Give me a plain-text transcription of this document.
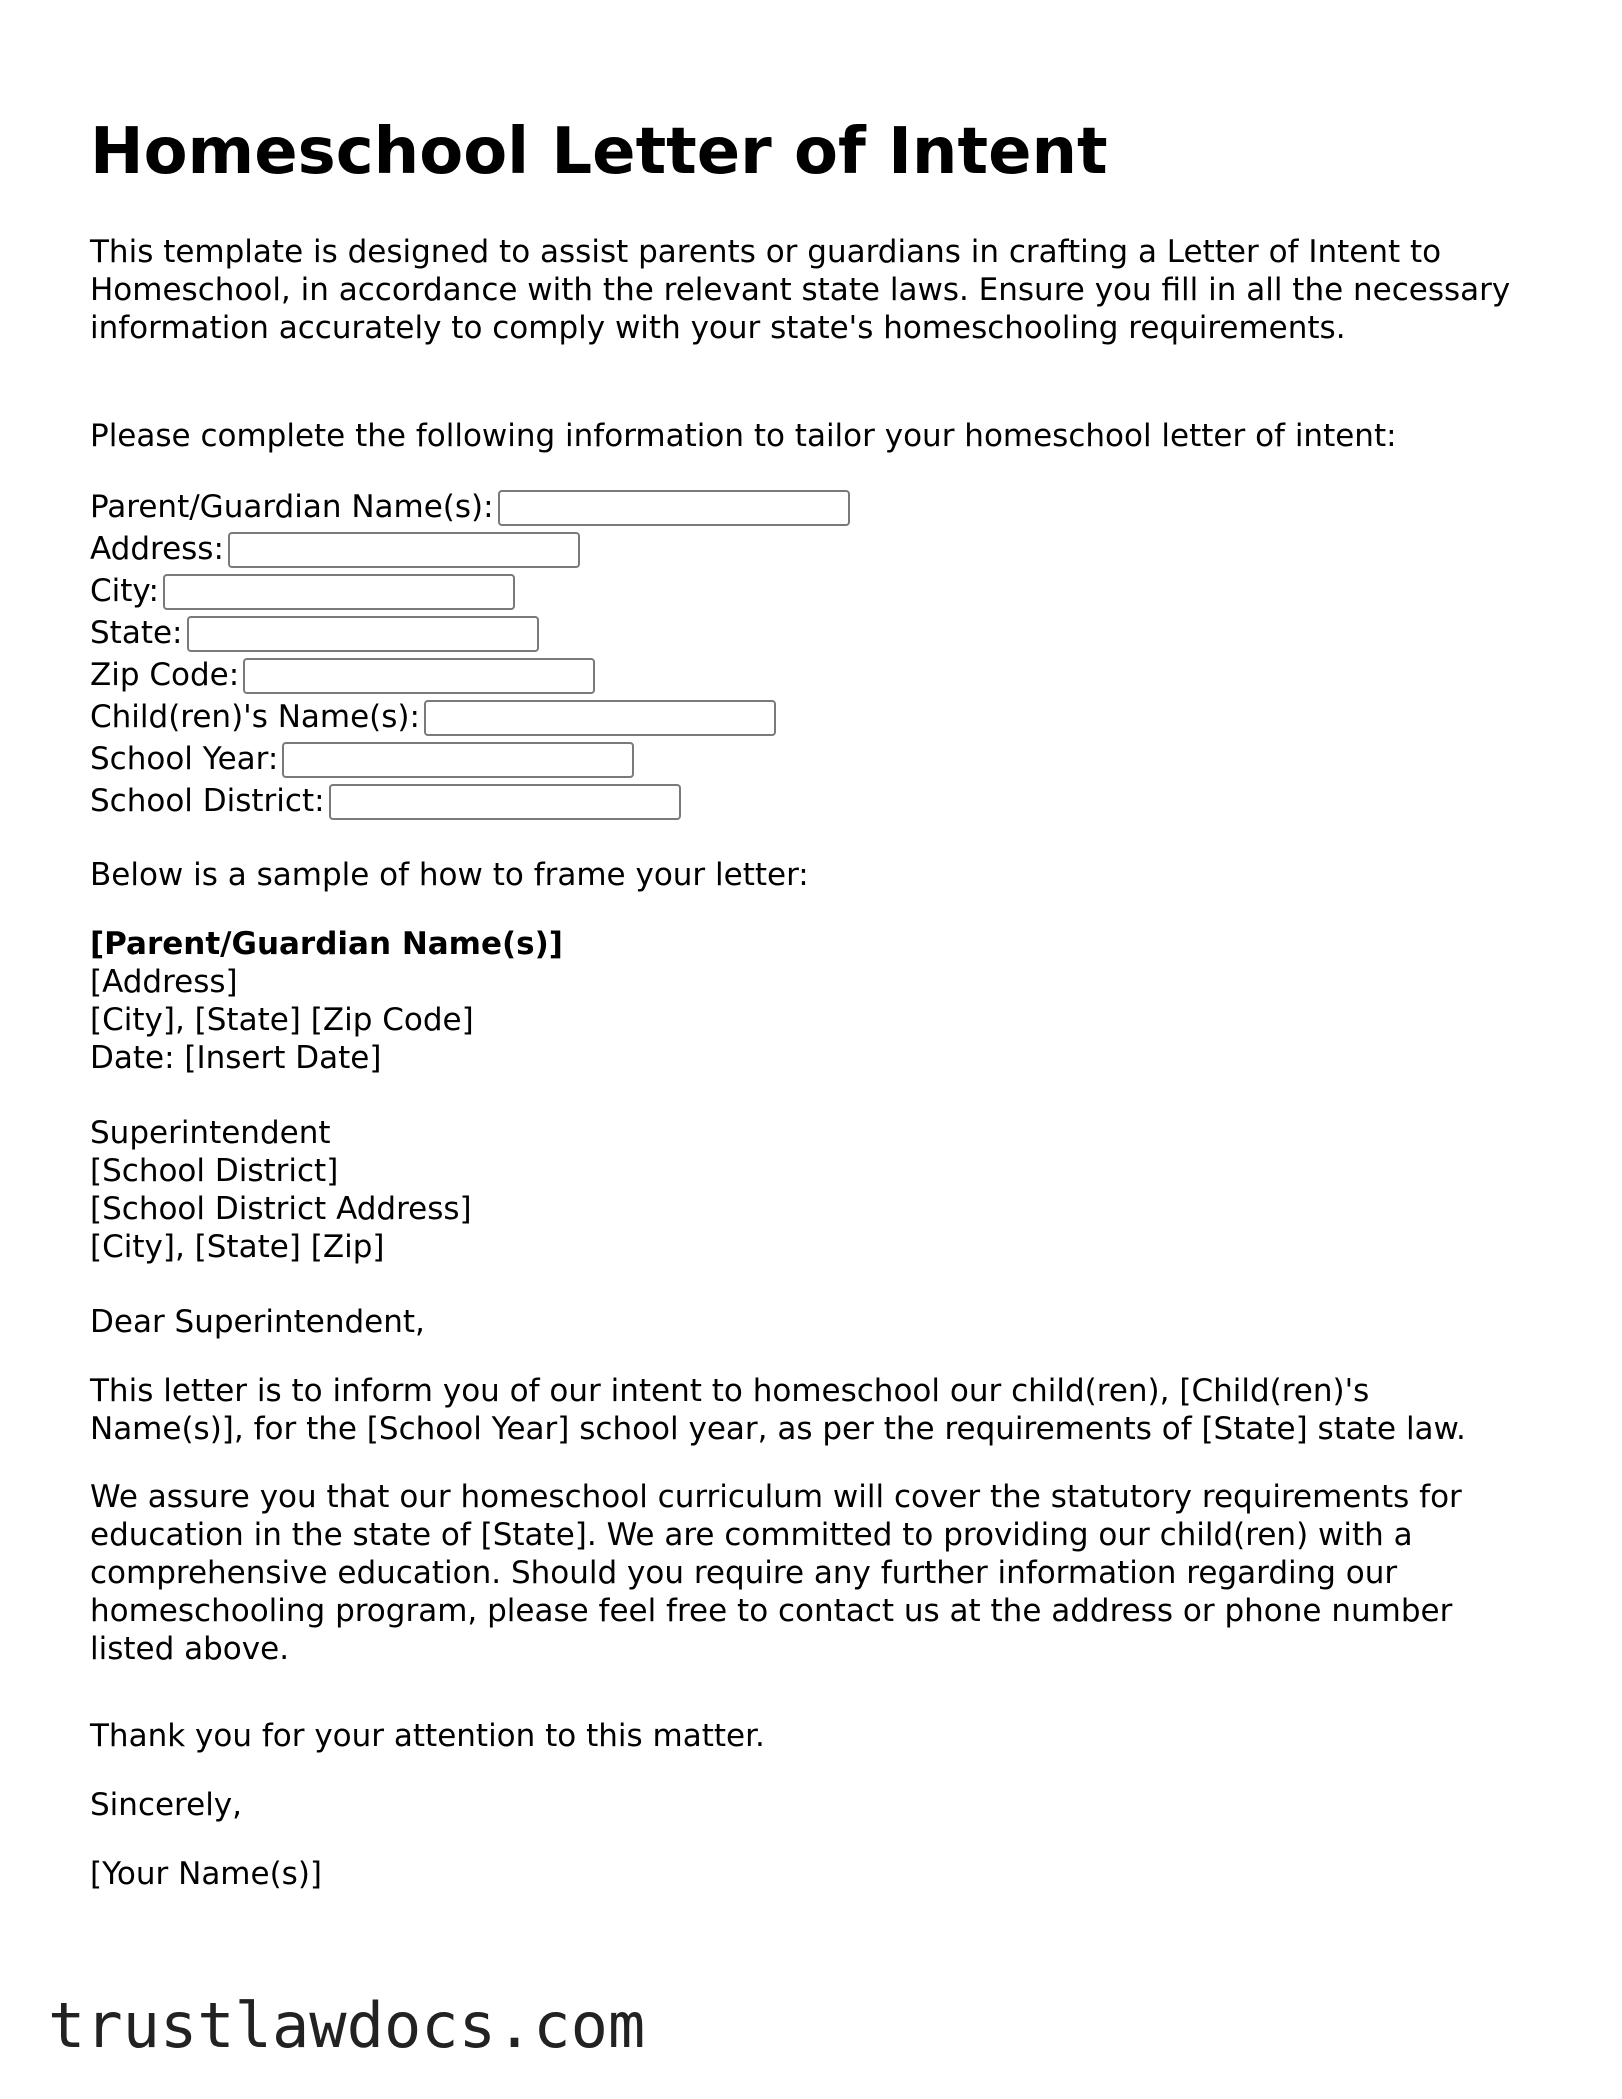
Homeschool Letter of Intent

This template is designed to assist parents or guardians in crafting a Letter of Intent to Homeschool, in accordance with the relevant state laws. Ensure you fill in all the necessary information accurately to comply with your state's homeschooling requirements.

Please complete the following information to tailor your homeschool letter of intent:

Parent/Guardian Name(s):
Address:
City:
State:
Zip Code:
Child(ren)'s Name(s):
School Year:
School District:

Below is a sample of how to frame your letter:

[Parent/Guardian Name(s)]
[Address]
[City], [State] [Zip Code]
Date: [Insert Date]
Superintendent
[School District]
[School District Address]
[City], [State] [Zip]

Dear Superintendent,

This letter is to inform you of our intent to homeschool our child(ren), [Child(ren)'s Name(s)], for the [School Year] school year, as per the requirements of [State] state law.

We assure you that our homeschool curriculum will cover the statutory requirements for education in the state of [State]. We are committed to providing our child(ren) with a comprehensive education. Should you require any further information regarding our homeschooling program, please feel free to contact us at the address or phone number listed above.

Thank you for your attention to this matter.

Sincerely,

[Your Name(s)]

trustlawdocs.com
